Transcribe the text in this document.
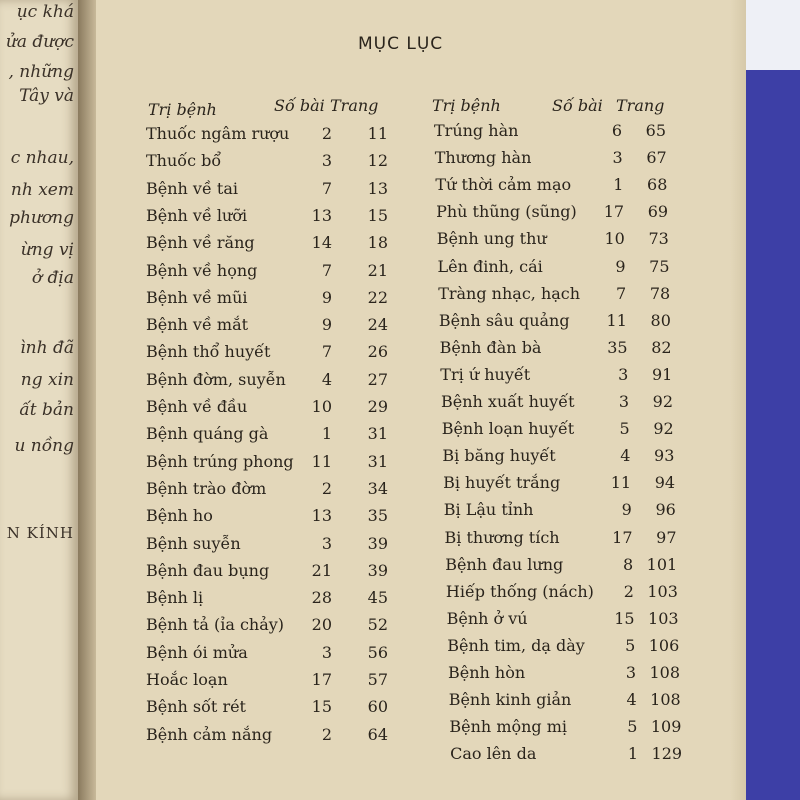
ục khá
ửa được
, những
Tây và
c nhau,
nh xem
phương
ừng vị
ở địa
ình đã
ng xin
ất bản
u nồng
N KÍNH
MỤC LỤC
Trị bệnh	Số bài Trang	Trị bệnh	Số bài Trang
Thuốc ngâm rượu	2	11
Thuốc bổ	3	12
Bệnh về tai	7	13
Bệnh về lưỡi	13	15
Bệnh về răng	14	18
Bệnh về họng	7	21
Bệnh về mũi	9	22
Bệnh về mắt	9	24
Bệnh thổ huyết	7	26
Bệnh đờm, suyễn	4	27
Bệnh về đầu	10	29
Bệnh quáng gà	1	31
Bệnh trúng phong	11	31
Bệnh trào đờm	2	34
Bệnh ho	13	35
Bệnh suyễn	3	39
Bệnh đau bụng	21	39
Bệnh lị	28	45
Bệnh tả (ỉa chảy)	20	52
Bệnh ói mửa	3	56
Hoắc loạn	17	57
Bệnh sốt rét	15	60
Bệnh cảm nắng	2	64
Trúng hàn	6	65
Thương hàn	3	67
Tứ thời cảm mạo	1	68
Phù thũng (sũng)	17	69
Bệnh ung thư	10	73
Lên đinh, cái	9	75
Tràng nhạc, hạch	7	78
Bệnh sâu quảng	11	80
Bệnh đàn bà	35	82
Trị ứ huyết	3	91
Bệnh xuất huyết	3	92
Bệnh loạn huyết	5	92
Bị băng huyết	4	93
Bị huyết trắng	11	94
Bị Lậu tỉnh	9	96
Bị thương tích	17	97
Bệnh đau lưng	8 101
Hiếp thống (nách)	2 103
Bệnh ở vú	15 103
Bệnh tim, dạ dày	5 106
Bệnh hòn	3 108
Bệnh kinh giản	4 108
Bệnh mộng mị	5 109
Cao lên da	1 129
